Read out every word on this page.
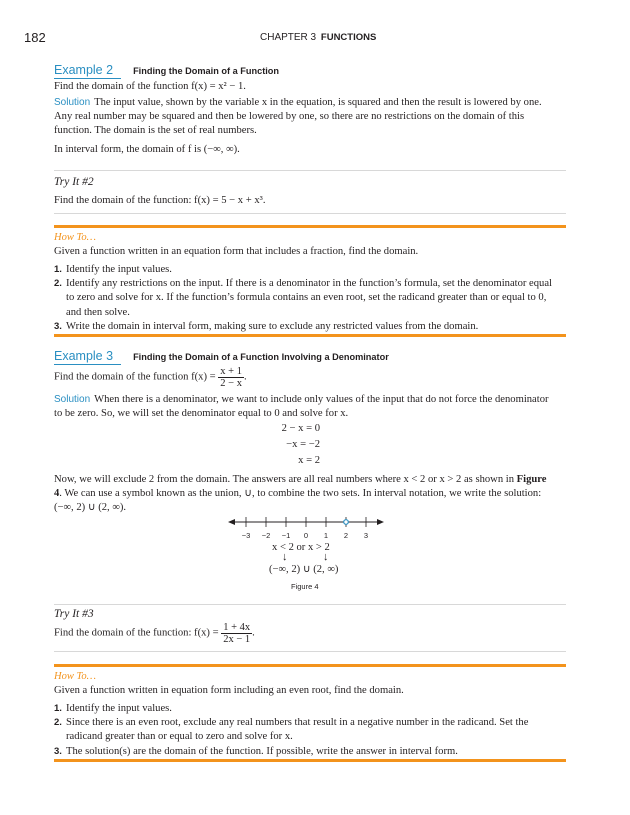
182	CHAPTER 3 FUNCTIONS
Example 2 Finding the Domain of a Function
Find the domain of the function f(x) = x² − 1.
Solution The input value, shown by the variable x in the equation, is squared and then the result is lowered by one.
Any real number may be squared and then be lowered by one, so there are no restrictions on the domain of this
function. The domain is the set of real numbers.
In interval form, the domain of f is (−∞, ∞).
Try It #2
Find the domain of the function: f(x) = 5 − x + x³.
How To…
Given a function written in an equation form that includes a fraction, find the domain.
1. Identify the input values.
2. Identify any restrictions on the input. If there is a denominator in the function’s formula, set the denominator equal
to zero and solve for x. If the function’s formula contains an even root, set the radicand greater than or equal to 0,
and then solve.
3. Write the domain in interval form, making sure to exclude any restricted values from the domain.
Example 3 Finding the Domain of a Function Involving a Denominator
Find the domain of the function $f(x) = \frac{x + 1}{2 - x}$ .
Solution When there is a denominator, we want to include only values of the input that do not force the denominator
to be zero. So, we will set the denominator equal to 0 and solve for x.
2 − x = 0
−x = −2
x = 2
Now, we will exclude 2 from the domain. The answers are all real numbers where x < 2 or x > 2 as shown in Figure
4. We can use a symbol known as the union, ∪, to combine the two sets. In interval notation, we write the solution:
(−∞, 2) ∪ (2, ∞).
−3 −2 −1 0 1 2 3
x < 2 or x > 2
↓	↓
(−∞, 2) ∪ (2, ∞)
Figure 4
Try It #3
Find the domain of the function: $f(x) = \frac{1 + 4x}{2x - 1}$ .
How To…
Given a function written in equation form including an even root, find the domain.
1. Identify the input values.
2. Since there is an even root, exclude any real numbers that result in a negative number in the radicand. Set the
radicand greater than or equal to zero and solve for x.
3. The solution(s) are the domain of the function. If possible, write the answer in interval form.
